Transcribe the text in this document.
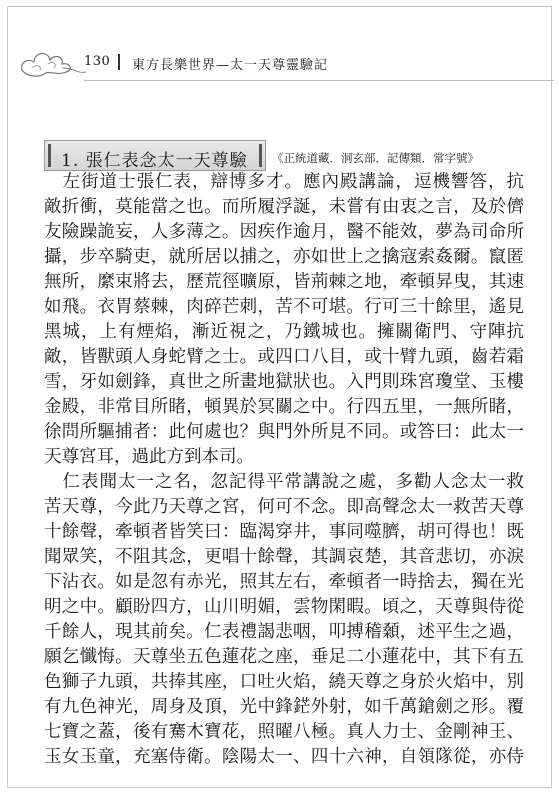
130 東方長樂世界—太一天尊靈驗記
1. 張仁表念太一天尊驗 《正統道藏．洞玄部．記傳類．常字號》
　左街道士張仁表，辯博多才。應內殿講論，逗機響答，抗
敵折衝，莫能當之也。而所履浮誕，未嘗有由衷之言，及於儕
友險躁詭妄，人多薄之。因疾作逾月，醫不能效，夢為司命所
攝，步卒騎吏，就所居以捕之，亦如世上之擒寇索姦爾。竄匿
無所，縻束將去，歷荒徑曠原，皆荊棘之地，牽頓昇曳，其速
如飛。衣胃蔡棘，肉碎芒刺，苦不可堪。行可三十餘里，遙見
黑城，上有煙焰，漸近視之，乃鐵城也。擁關衛門、守陣抗
敵，皆獸頭人身蛇臂之士。或四口八目，或十臂九頭，齒若霜
雪，牙如劍鋒，真世之所畫地獄狀也。入門則珠宮瓊堂、玉樓
金殿，非常目所睹，頓異於冥關之中。行四五里，一無所睹，
徐問所驅捕者：此何處也？與門外所見不同。或答曰：此太一
天尊宮耳，過此方到本司。
　仁表聞太一之名，忽記得平常講說之處，多勸人念太一救
苦天尊，今此乃天尊之宮，何可不念。即高聲念太一救苦天尊
十餘聲，牽頓者皆笑曰：臨渴穿井，事同噬臍，胡可得也！既
聞眾笑，不阻其念，更唱十餘聲，其調哀楚，其音悲切，亦淚
下沾衣。如是忽有赤光，照其左右，牽頓者一時捨去，獨在光
明之中。顧盼四方，山川明媚，雲物閑暇。頃之，天尊與侍從
千餘人，現其前矣。仁表禮謁悲咽，叩搏稽顙，述平生之過，
願乞懺悔。天尊坐五色蓮花之座，垂足二小蓮花中，其下有五
色獅子九頭，共捧其座，口吐火焰，繞天尊之身於火焰中，別
有九色神光，周身及頂，光中鋒鋩外射，如千萬鎗劍之形。覆
七寶之蓋，後有騫木寶花，照曜八極。真人力士、金剛神王、
玉女玉童，充塞侍衛。陰陽太一、四十六神，自領隊從，亦侍
